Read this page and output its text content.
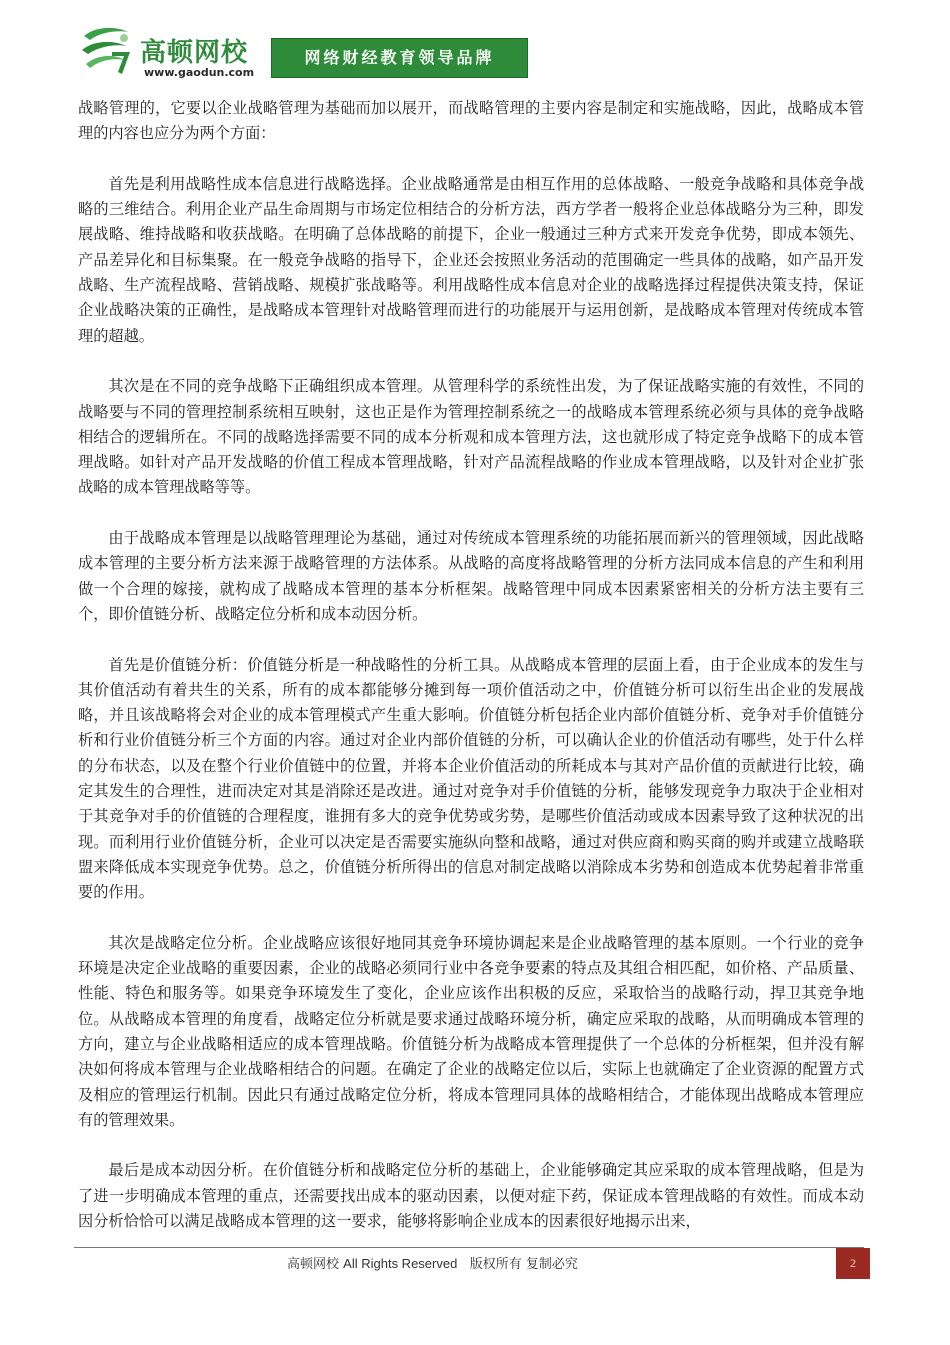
高顿网校
www.gaodun.com
网络财经教育领导品牌

战略管理的，它要以企业战略管理为基础而加以展开，而战略管理的主要内容是制定和实施战略，因此，战略成本管理的内容也应分为两个方面：

首先是利用战略性成本信息进行战略选择。企业战略通常是由相互作用的总体战略、一般竞争战略和具体竞争战略的三维结合。利用企业产品生命周期与市场定位相结合的分析方法，西方学者一般将企业总体战略分为三种，即发展战略、维持战略和收获战略。在明确了总体战略的前提下，企业一般通过三种方式来开发竞争优势，即成本领先、产品差异化和目标集聚。在一般竞争战略的指导下，企业还会按照业务活动的范围确定一些具体的战略，如产品开发战略、生产流程战略、营销战略、规模扩张战略等。利用战略性成本信息对企业的战略选择过程提供决策支持，保证企业战略决策的正确性，是战略成本管理针对战略管理而进行的功能展开与运用创新，是战略成本管理对传统成本管理的超越。

其次是在不同的竞争战略下正确组织成本管理。从管理科学的系统性出发，为了保证战略实施的有效性，不同的战略要与不同的管理控制系统相互映射，这也正是作为管理控制系统之一的战略成本管理系统必须与具体的竞争战略相结合的逻辑所在。不同的战略选择需要不同的成本分析观和成本管理方法，这也就形成了特定竞争战略下的成本管理战略。如针对产品开发战略的价值工程成本管理战略，针对产品流程战略的作业成本管理战略，以及针对企业扩张战略的成本管理战略等等。

由于战略成本管理是以战略管理理论为基础，通过对传统成本管理系统的功能拓展而新兴的管理领域，因此战略成本管理的主要分析方法来源于战略管理的方法体系。从战略的高度将战略管理的分析方法同成本信息的产生和利用做一个合理的嫁接，就构成了战略成本管理的基本分析框架。战略管理中同成本因素紧密相关的分析方法主要有三个，即价值链分析、战略定位分析和成本动因分析。

首先是价值链分析：价值链分析是一种战略性的分析工具。从战略成本管理的层面上看，由于企业成本的发生与其价值活动有着共生的关系，所有的成本都能够分摊到每一项价值活动之中，价值链分析可以衍生出企业的发展战略，并且该战略将会对企业的成本管理模式产生重大影响。价值链分析包括企业内部价值链分析、竞争对手价值链分析和行业价值链分析三个方面的内容。通过对企业内部价值链的分析，可以确认企业的价值活动有哪些，处于什么样的分布状态，以及在整个行业价值链中的位置，并将本企业价值活动的所耗成本与其对产品价值的贡献进行比较，确定其发生的合理性，进而决定对其是消除还是改进。通过对竞争对手价值链的分析，能够发现竞争力取决于企业相对于其竞争对手的价值链的合理程度，谁拥有多大的竞争优势或劣势，是哪些价值活动或成本因素导致了这种状况的出现。而利用行业价值链分析，企业可以决定是否需要实施纵向整和战略，通过对供应商和购买商的购并或建立战略联盟来降低成本实现竞争优势。总之，价值链分析所得出的信息对制定战略以消除成本劣势和创造成本优势起着非常重要的作用。

其次是战略定位分析。企业战略应该很好地同其竞争环境协调起来是企业战略管理的基本原则。一个行业的竞争环境是决定企业战略的重要因素，企业的战略必须同行业中各竞争要素的特点及其组合相匹配，如价格、产品质量、性能、特色和服务等。如果竞争环境发生了变化，企业应该作出积极的反应，采取恰当的战略行动，捍卫其竞争地位。从战略成本管理的角度看，战略定位分析就是要求通过战略环境分析，确定应采取的战略，从而明确成本管理的方向，建立与企业战略相适应的成本管理战略。价值链分析为战略成本管理提供了一个总体的分析框架，但并没有解决如何将成本管理与企业战略相结合的问题。在确定了企业的战略定位以后，实际上也就确定了企业资源的配置方式及相应的管理运行机制。因此只有通过战略定位分析，将成本管理同具体的战略相结合，才能体现出战略成本管理应有的管理效果。

最后是成本动因分析。在价值链分析和战略定位分析的基础上，企业能够确定其应采取的成本管理战略，但是为了进一步明确成本管理的重点，还需要找出成本的驱动因素，以便对症下药，保证成本管理战略的有效性。而成本动因分析恰恰可以满足战略成本管理的这一要求，能够将影响企业成本的因素很好地揭示出来，

高顿网校 All Rights Reserved 版权所有 复制必究	2
